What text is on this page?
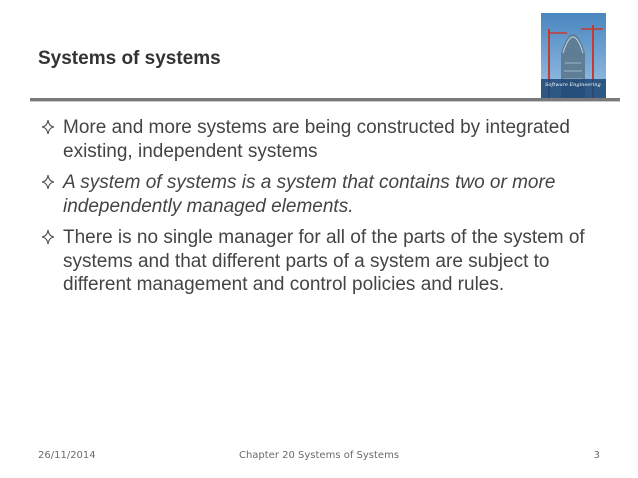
Systems of systems
Software Engineering
More and more systems are being constructed by integrated existing, independent systems
A system of systems is a system that contains two or more independently managed elements.
There is no single manager for all of the parts of the system of systems and that different parts of a system are subject to different management and control policies and rules.
26/11/2014	Chapter 20 Systems of Systems	3
